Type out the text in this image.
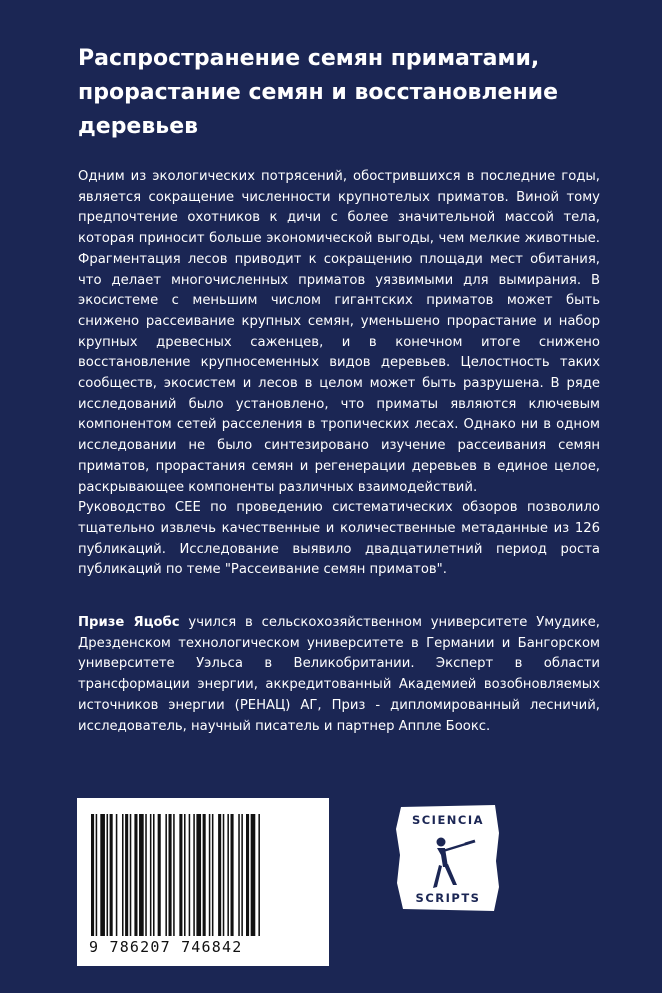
Распространение семян приматами, прорастание семян и восстановление деревьев

Одним из экологических потрясений, обострившихся в последние годы, является сокращение численности крупнотелых приматов. Виной тому предпочтение охотников к дичи с более значительной массой тела, которая приносит больше экономической выгоды, чем мелкие животные. Фрагментация лесов приводит к сокращению площади мест обитания, что делает многочисленных приматов уязвимыми для вымирания. В экосистеме с меньшим числом гигантских приматов может быть снижено рассеивание крупных семян, уменьшено прорастание и набор крупных древесных саженцев, и в конечном итоге снижено восстановление крупносеменных видов деревьев. Целостность таких сообществ, экосистем и лесов в целом может быть разрушена. В ряде исследований было установлено, что приматы являются ключевым компонентом сетей расселения в тропических лесах. Однако ни в одном исследовании не было синтезировано изучение рассеивания семян приматов, прорастания семян и регенерации деревьев в единое целое, раскрывающее компоненты различных взаимодействий.

Руководство CEE по проведению систематических обзоров позволило тщательно извлечь качественные и количественные метаданные из 126 публикаций. Исследование выявило двадцатилетний период роста публикаций по теме "Рассеивание семян приматов".

Призе Яцобс учился в сельскохозяйственном университете Умудике, Дрезденском технологическом университете в Германии и Бангорском университете Уэльса в Великобритании. Эксперт в области трансформации энергии, аккредитованный Академией возобновляемых источников энергии (РЕНАЦ) АГ, Приз - дипломированный лесничий, исследователь, научный писатель и партнер Аппле Боокс.
9 786207 746842
SCIENCIA
SCRIPTS
